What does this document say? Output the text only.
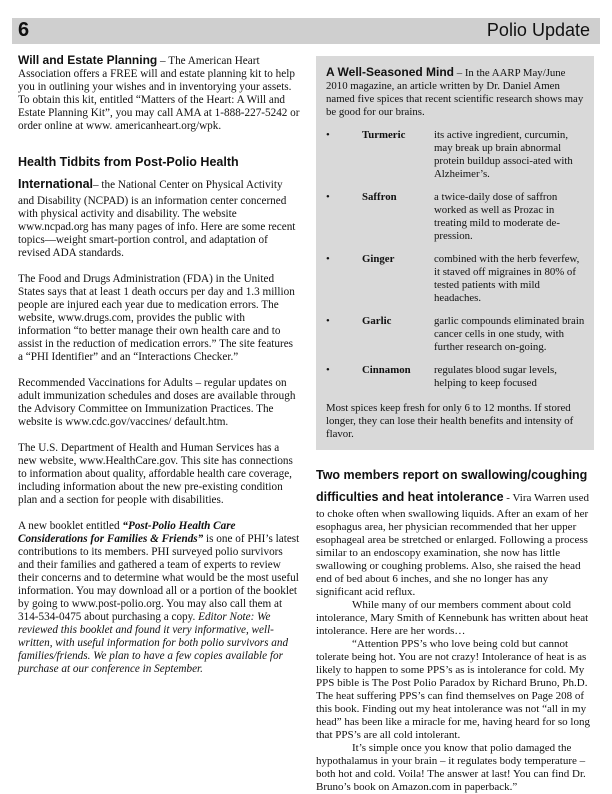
6	Polio Update

Will and Estate Planning – The American Heart Association offers a FREE will and estate planning kit to help you in outlining your wishes and in inventorying your assets. To obtain this kit, entitled “Matters of the Heart: A Will and Estate Planning Kit”, you may call AMA at 1-888-227-5242 or order online at www. americanheart.org/wpk.

Health Tidbits from Post-Polio Health International– the National Center on Physical Activity and Disability (NCPAD) is an information center concerned with physical activity and disability. The website www.ncpad.org has many pages of info. Here are some recent topics—weight smart-portion control, and adaptation of revised ADA standards.

The Food and Drugs Administration (FDA) in the United States says that at least 1 death occurs per day and 1.3 million people are injured each year due to medication errors. The website, www.drugs.com, provides the public with information “to better manage their own health care and to assist in the reduction of medication errors.” The site features a “PHI Identifier” and an “Interactions Checker.”

Recommended Vaccinations for Adults – regular updates on adult immunization schedules and doses are available through the Advisory Committee on Immunization Practices. The website is www.cdc.gov/vaccines/ default.htm.

The U.S. Department of Health and Human Services has a new website, www.HealthCare.gov. This site has connections to information about quality, affordable health care coverage, including information about the new pre-existing condition plan and a section for people with disabilities.

A new booklet entitled “Post-Polio Health Care Considerations for Families & Friends” is one of PHI’s latest contributions to its members. PHI surveyed polio survivors and their families and gathered a team of experts to review their concerns and to determine what would be the most useful information. You may download all or a portion of the booklet by going to www.post-polio.org. You may also call them at 314-534-0475 about purchasing a copy. Editor Note: We reviewed this booklet and found it very informative, well-written, with useful information for both polio survivors and families/friends. We plan to have a few copies available for purchase at our conference in September.

A Well-Seasoned Mind – In the AARP May/June 2010 magazine, an article written by Dr. Daniel Amen named five spices that recent scientific research shows may be good for our brains.
•	Turmeric	its active ingredient, curcumin, may break up brain abnormal protein buildup associ-ated with Alzheimer’s.
•	Saffron	a twice-daily dose of saffron worked as well as Prozac in treating mild to moderate de-pression.
•	Ginger	combined with the herb feverfew, it staved off migraines in 80% of tested patients with mild headaches.
•	Garlic	garlic compounds eliminated brain cancer cells in one study, with further research on-going.
•	Cinnamon	regulates blood sugar levels, helping to keep focused
Most spices keep fresh for only 6 to 12 months. If stored longer, they can lose their health benefits and intensity of flavor.

Two members report on swallowing/coughing difficulties and heat intolerance - Vira Warren used to choke often when swallowing liquids. After an exam of her esophagus area, her physician recommended that her upper esophageal area be stretched or enlarged. Following a process similar to an endoscopy examination, she now has little swallowing or coughing problems. Also, she raised the head end of bed about 6 inches, and she no longer has any significant acid reflux.

While many of our members comment about cold intolerance, Mary Smith of Kennebunk has written about heat intolerance. Here are her words…

“Attention PPS’s who love being cold but cannot tolerate being hot. You are not crazy! Intolerance of heat is as likely to happen to some PPS’s as is intolerance for cold. My PPS bible is The Post Polio Paradox by Richard Bruno, Ph.D. The heat suffering PPS’s can find themselves on Page 208 of this book. Finding out my heat intolerance was not “all in my head” has been like a miracle for me, having heard for so long that PPS’s are all cold intolerant.

It’s simple once you know that polio damaged the hypothalamus in your brain – it regulates body temperature – both hot and cold. Voila! The answer at last! You can find Dr. Bruno’s book on Amazon.com in paperback.”
